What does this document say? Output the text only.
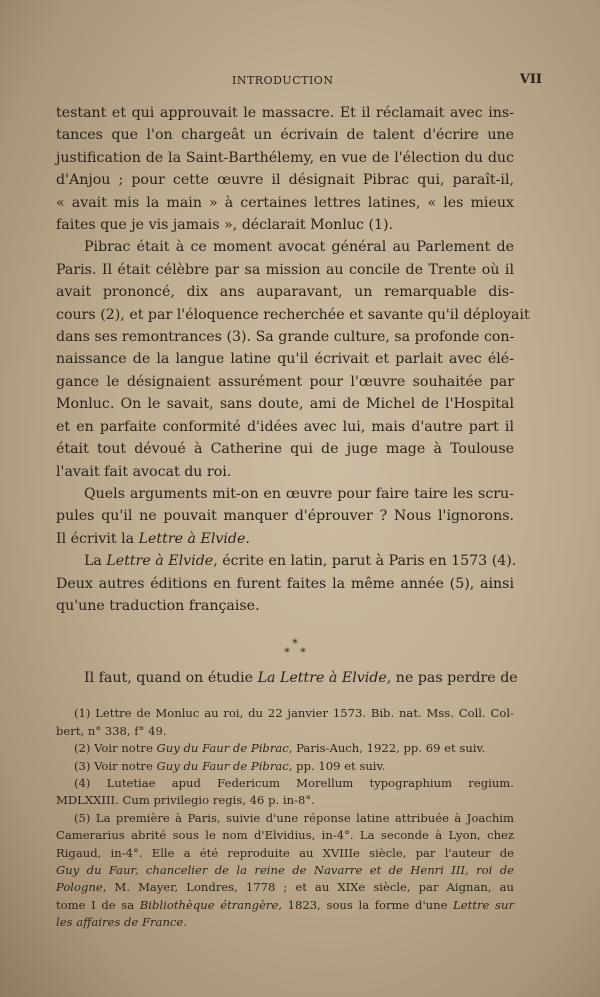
INTRODUCTION	VII
testant et qui approuvait le massacre. Et il réclamait avec ins-
tances que l'on chargeât un écrivain de talent d'écrire une
justification de la Saint-Barthélemy, en vue de l'élection du duc
d'Anjou ; pour cette œuvre il désignait Pibrac qui, paraît-il,
« avait mis la main » à certaines lettres latines, « les mieux
faites que je vis jamais », déclarait Monluc (1).
Pibrac était à ce moment avocat général au Parlement de
Paris. Il était célèbre par sa mission au concile de Trente où il
avait prononcé, dix ans auparavant, un remarquable dis-
cours (2), et par l'éloquence recherchée et savante qu'il déployait
dans ses remontrances (3). Sa grande culture, sa profonde con-
naissance de la langue latine qu'il écrivait et parlait avec élé-
gance le désignaient assurément pour l'œuvre souhaitée par
Monluc. On le savait, sans doute, ami de Michel de l'Hospital
et en parfaite conformité d'idées avec lui, mais d'autre part il
était tout dévoué à Catherine qui de juge mage à Toulouse
l'avait fait avocat du roi.
Quels arguments mit-on en œuvre pour faire taire les scru-
pules qu'il ne pouvait manquer d'éprouver ? Nous l'ignorons.
Il écrivit la Lettre à Elvide.
La Lettre à Elvide, écrite en latin, parut à Paris en 1573 (4).
Deux autres éditions en furent faites la même année (5), ainsi
qu'une traduction française.
*
* *
Il faut, quand on étudie La Lettre à Elvide, ne pas perdre de
(1) Lettre de Monluc au roi, du 22 janvier 1573. Bib. nat. Mss. Coll. Col-
bert, n° 338, f° 49.
(2) Voir notre Guy du Faur de Pibrac, Paris-Auch, 1922, pp. 69 et suiv.
(3) Voir notre Guy du Faur de Pibrac, pp. 109 et suiv.
(4) Lutetiae apud Federicum Morellum typographium regium.
MDLXXIII. Cum privilegio regis, 46 p. in-8°.
(5) La première à Paris, suivie d'une réponse latine attribuée à Joachim
Camerarius abrité sous le nom d'Elvidius, in-4°. La seconde à Lyon, chez
Rigaud, in-4°. Elle a été reproduite au XVIIIe siècle, par l'auteur de
Guy du Faur, chancelier de la reine de Navarre et de Henri III, roi de
Pologne, M. Mayer, Londres, 1778 ; et au XIXe siècle, par Aignan, au
tome I de sa Bibliothèque étrangère, 1823, sous la forme d'une Lettre sur
les affaires de France.
